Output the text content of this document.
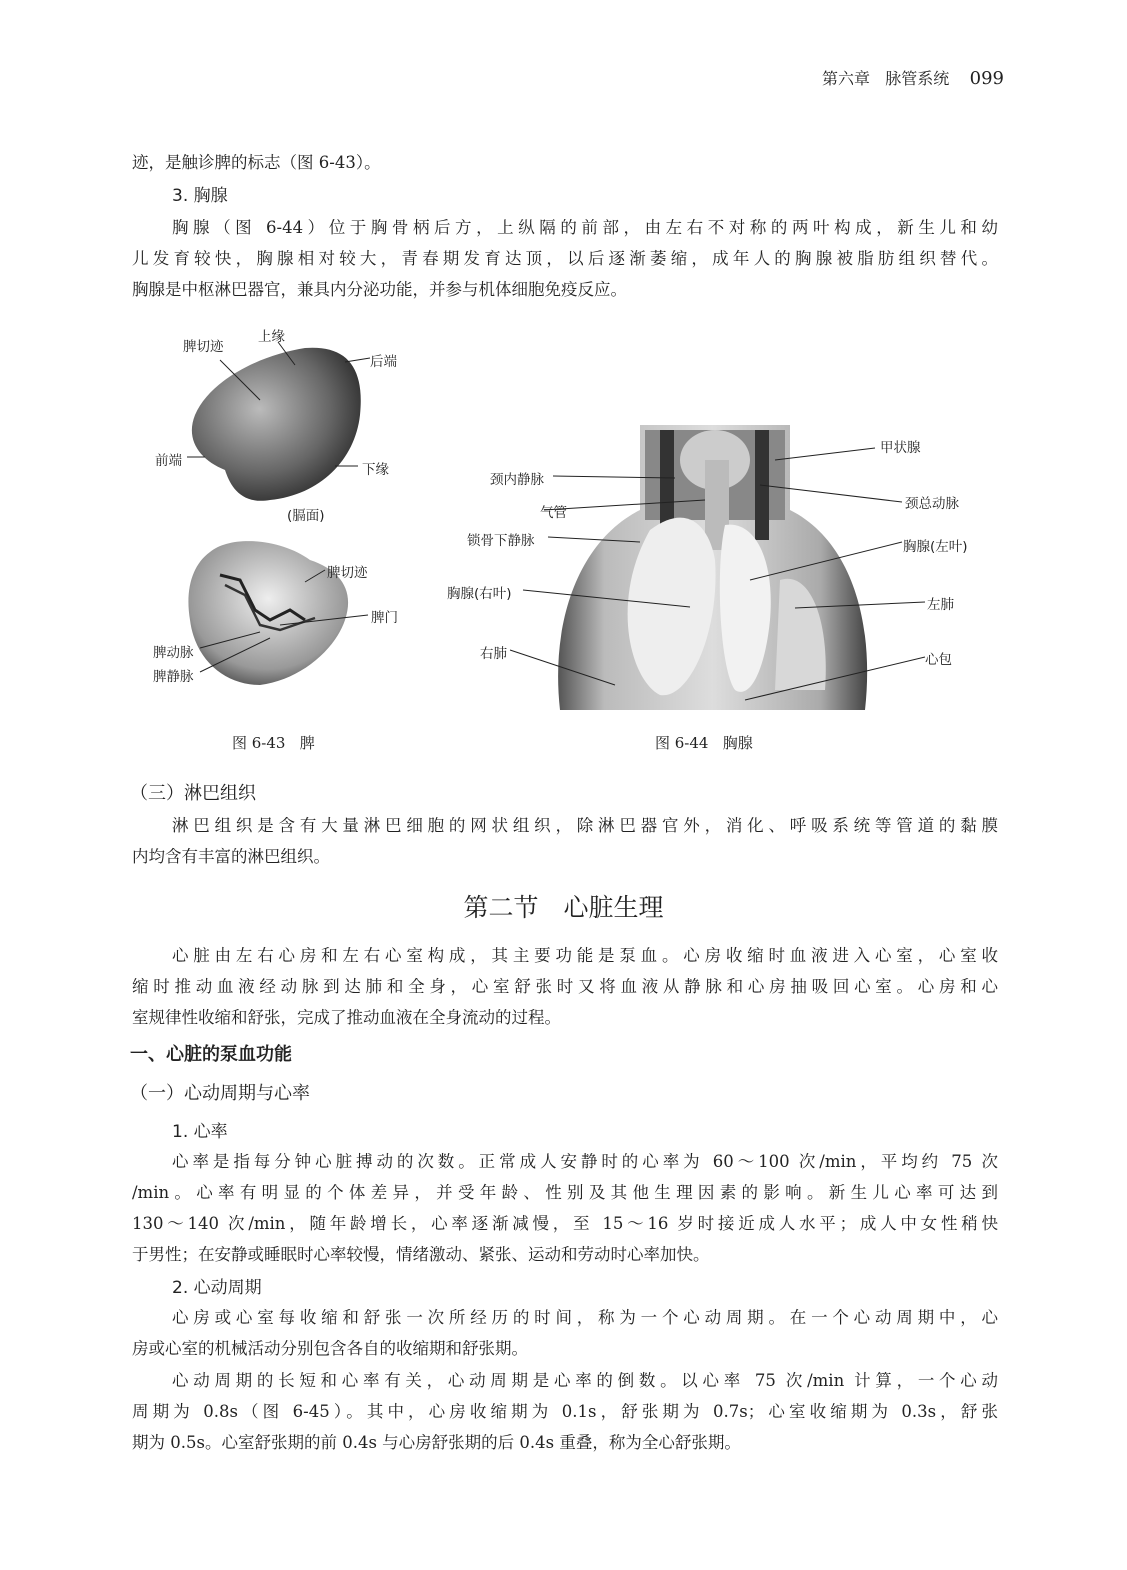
第六章 脉管系统 099
迹，是触诊脾的标志（图 6-43）。
3. 胸腺
胸腺（图 6-44）位于胸骨柄后方，上纵隔的前部，由左右不对称的两叶构成，新生儿和幼
儿发育较快，胸腺相对较大，青春期发育达顶，以后逐渐萎缩，成年人的胸腺被脂肪组织替代。
胸腺是中枢淋巴器官，兼具内分泌功能，并参与机体细胞免疫反应。
脾切迹
上缘
后端
前端
下缘
(膈面)
脾切迹
脾门
脾动脉
脾静脉
图 6-43 脾
甲状腺
颈内静脉
颈总动脉
气管
锁骨下静脉	胸腺(左叶)
胸腺(右叶)
左肺
右肺	心包
图 6-44 胸腺
（三）淋巴组织
淋巴组织是含有大量淋巴细胞的网状组织，除淋巴器官外，消化、呼吸系统等管道的黏膜
内均含有丰富的淋巴组织。
第二节　心脏生理
心脏由左右心房和左右心室构成，其主要功能是泵血。心房收缩时血液进入心室，心室收
缩时推动血液经动脉到达肺和全身，心室舒张时又将血液从静脉和心房抽吸回心室。心房和心
室规律性收缩和舒张，完成了推动血液在全身流动的过程。
一、心脏的泵血功能
（一）心动周期与心率
1. 心率
心率是指每分钟心脏搏动的次数。正常成人安静时的心率为 60～100 次/min，平均约 75 次
/min。心率有明显的个体差异，并受年龄、性别及其他生理因素的影响。新生儿心率可达到
130～140 次/min，随年龄增长，心率逐渐减慢，至 15～16 岁时接近成人水平；成人中女性稍快
于男性；在安静或睡眠时心率较慢，情绪激动、紧张、运动和劳动时心率加快。
2. 心动周期
心房或心室每收缩和舒张一次所经历的时间，称为一个心动周期。在一个心动周期中，心
房或心室的机械活动分别包含各自的收缩期和舒张期。
心动周期的长短和心率有关，心动周期是心率的倒数。以心率 75 次/min 计算，一个心动
周期为 0.8s（图 6-45）。其中，心房收缩期为 0.1s，舒张期为 0.7s；心室收缩期为 0.3s，舒张
期为 0.5s。心室舒张期的前 0.4s 与心房舒张期的后 0.4s 重叠，称为全心舒张期。
